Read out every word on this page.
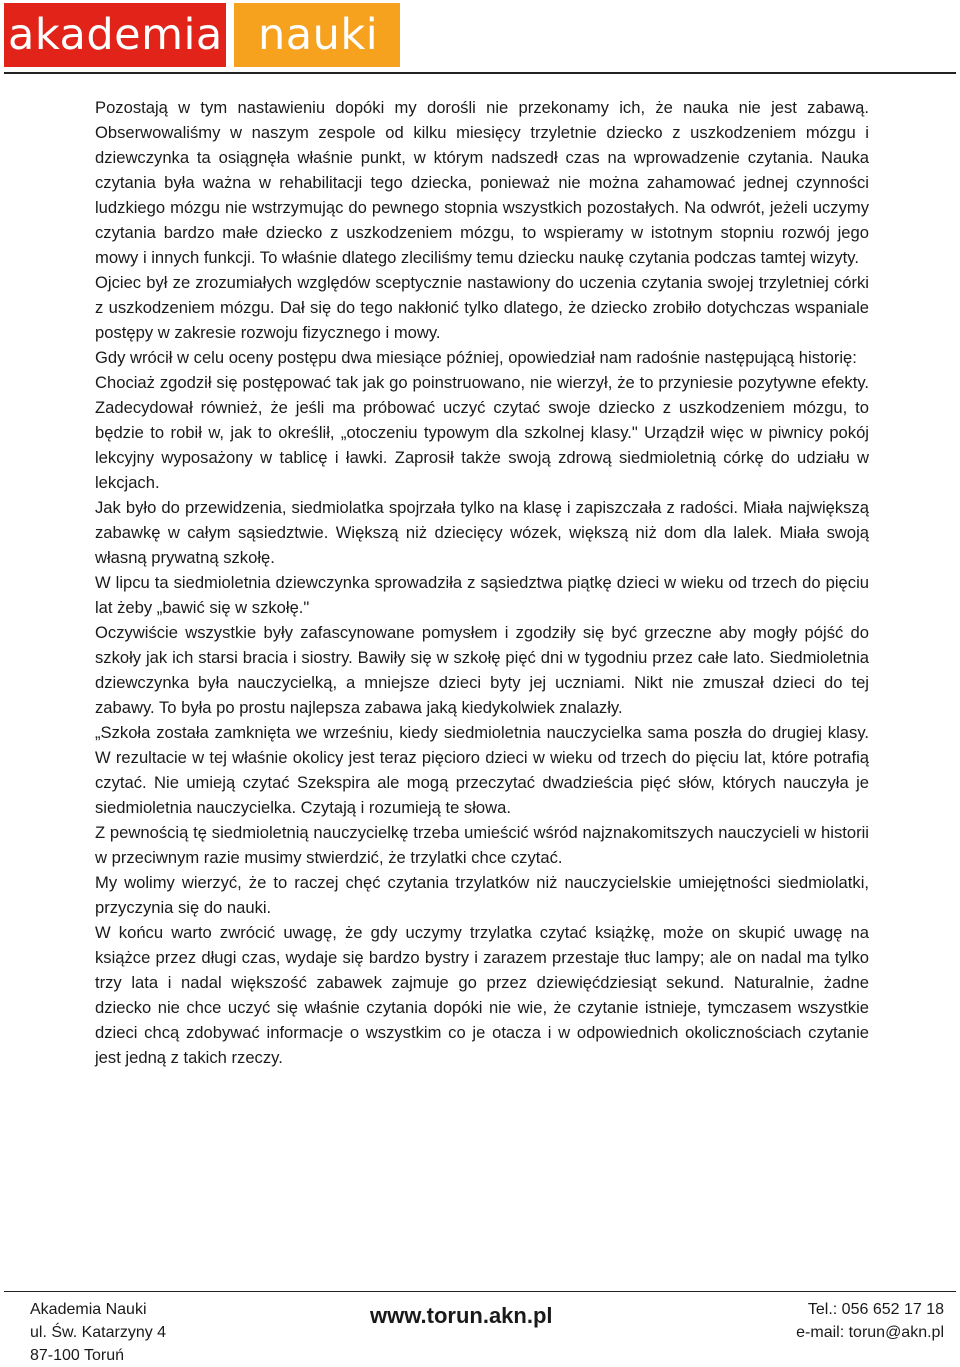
akademia nauki

Pozostają w tym nastawieniu dopóki my dorośli nie przekonamy ich, że nauka nie jest zabawą. Obserwowaliśmy w naszym zespole od kilku miesięcy trzyletnie dziecko z uszkodzeniem mózgu i dziewczynka ta osiągnęła właśnie punkt, w którym nadszedł czas na wprowadzenie czytania. Nauka czytania była ważna w rehabilitacji tego dziecka, ponieważ nie można zahamować jednej czynności ludzkiego mózgu nie wstrzymując do pewnego stopnia wszystkich pozostałych. Na odwrót, jeżeli uczymy czytania bardzo małe dziecko z uszkodzeniem mózgu, to wspieramy w istotnym stopniu rozwój jego mowy i innych funkcji. To właśnie dlatego zleciliśmy temu dziecku naukę czytania podczas tamtej wizyty.

Ojciec był ze zrozumiałych względów sceptycznie nastawiony do uczenia czytania swojej trzyletniej córki z uszkodzeniem mózgu. Dał się do tego nakłonić tylko dlatego, że dziecko zrobiło dotychczas wspaniale postępy w zakresie rozwoju fizycznego i mowy.

Gdy wrócił w celu oceny postępu dwa miesiące później, opowiedział nam radośnie następującą historię:

Chociaż zgodził się postępować tak jak go poinstruowano, nie wierzył, że to przyniesie pozytywne efekty. Zadecydował również, że jeśli ma próbować uczyć czytać swoje dziecko z uszkodzeniem mózgu, to będzie to robił w, jak to określił, „otoczeniu typowym dla szkolnej klasy." Urządził więc w piwnicy pokój lekcyjny wyposażony w tablicę i ławki. Zaprosił także swoją zdrową siedmioletnią córkę do udziału w lekcjach.

Jak było do przewidzenia, siedmiolatka spojrzała tylko na klasę i zapiszczała z radości. Miała największą zabawkę w całym sąsiedztwie. Większą niż dziecięcy wózek, większą niż dom dla lalek. Miała swoją własną prywatną szkołę.

W lipcu ta siedmioletnia dziewczynka sprowadziła z sąsiedztwa piątkę dzieci w wieku od trzech do pięciu lat żeby „bawić się w szkołę."

Oczywiście wszystkie były zafascynowane pomysłem i zgodziły się być grzeczne aby mogły pójść do szkoły jak ich starsi bracia i siostry. Bawiły się w szkołę pięć dni w tygodniu przez całe lato. Siedmioletnia dziewczynka była nauczycielką, a mniejsze dzieci byty jej uczniami. Nikt nie zmuszał dzieci do tej zabawy. To była po prostu najlepsza zabawa jaką kiedykolwiek znalazły.

„Szkoła została zamknięta we wrześniu, kiedy siedmioletnia nauczycielka sama poszła do drugiej klasy. W rezultacie w tej właśnie okolicy jest teraz pięcioro dzieci w wieku od trzech do pięciu lat, które potrafią czytać. Nie umieją czytać Szekspira ale mogą przeczytać dwadzieścia pięć słów, których nauczyła je siedmioletnia nauczycielka. Czytają i rozumieją te słowa.

Z pewnością tę siedmioletnią nauczycielkę trzeba umieścić wśród najznakomitszych nauczycieli w historii w przeciwnym razie musimy stwierdzić, że trzylatki chce czytać.

My wolimy wierzyć, że to raczej chęć czytania trzylatków niż nauczycielskie umiejętności siedmiolatki, przyczynia się do nauki.

W końcu warto zwrócić uwagę, że gdy uczymy trzylatka czytać książkę, może on skupić uwagę na książce przez długi czas, wydaje się bardzo bystry i zarazem przestaje tłuc lampy; ale on nadal ma tylko trzy lata i nadal większość zabawek zajmuje go przez dziewięćdziesiąt sekund. Naturalnie, żadne dziecko nie chce uczyć się właśnie czytania dopóki nie wie, że czytanie istnieje, tymczasem wszystkie dzieci chcą zdobywać informacje o wszystkim co je otacza i w odpowiednich okolicznościach czytanie jest jedną z takich rzeczy.

Akademia Nauki
ul. Św. Katarzyny 4
87-100 Toruń
www.torun.akn.pl	Tel.: 056 652 17 18
e-mail: torun@akn.pl
